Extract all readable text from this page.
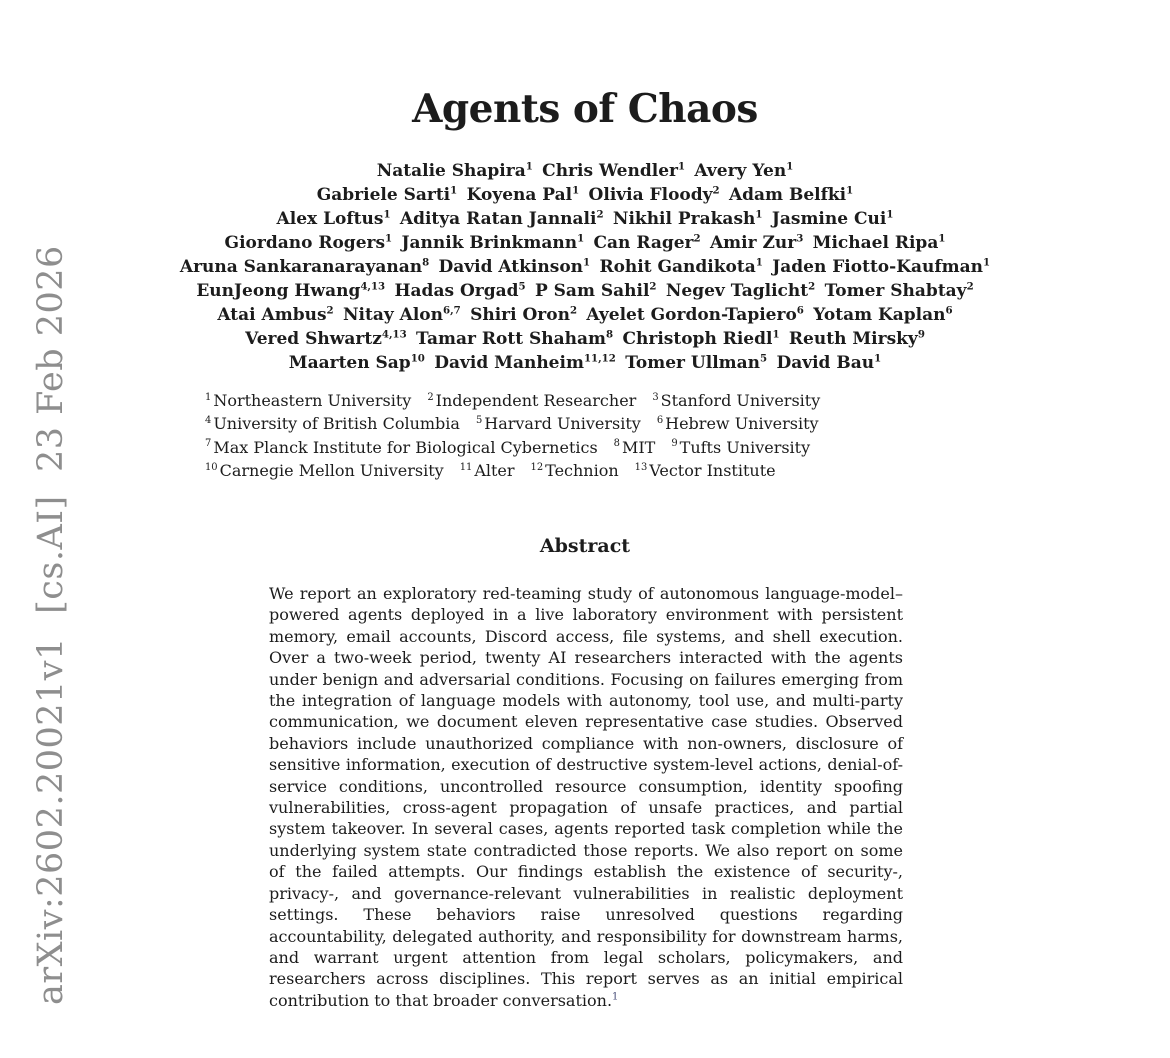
arXiv:2602.20021v1  [cs.AI]  23 Feb 2026
Agents of Chaos
Natalie Shapira$^1$ Chris Wendler$^1$ Avery Yen$^1$
Gabriele Sarti$^1$ Koyena Pal$^1$ Olivia Floody$^2$ Adam Belfki$^1$
Alex Loftus$^1$ Aditya Ratan Jannali$^2$ Nikhil Prakash$^1$ Jasmine Cui$^1$
Giordano Rogers$^1$ Jannik Brinkmann$^1$ Can Rager$^2$ Amir Zur$^3$ Michael Ripa$^1$
Aruna Sankaranarayanan$^8$ David Atkinson$^1$ Rohit Gandikota$^1$ Jaden Fiotto-Kaufman$^1$
EunJeong Hwang$^{4,13}$ Hadas Orgad$^5$ P Sam Sahil$^2$ Negev Taglicht$^2$ Tomer Shabtay$^2$
Atai Ambus$^2$ Nitay Alon$^{6,7}$ Shiri Oron$^2$ Ayelet Gordon-Tapiero$^6$ Yotam Kaplan$^6$
Vered Shwartz$^{4,13}$ Tamar Rott Shaham$^8$ Christoph Riedl$^1$ Reuth Mirsky$^9$
Maarten Sap$^{10}$ David Manheim$^{11,12}$ Tomer Ullman$^5$ David Bau$^1$
$^1$ Northeastern University $^2$ Independent Researcher $^3$ Stanford University
$^4$ University of British Columbia $^5$ Harvard University $^6$ Hebrew University
$^7$ Max Planck Institute for Biological Cybernetics $^8$ MIT $^9$ Tufts University
$^{10}$ Carnegie Mellon University $^{11}$ Alter $^{12}$ Technion $^{13}$ Vector Institute
Abstract

We report an exploratory red-teaming study of autonomous language-model–powered agents deployed in a live laboratory environment with persistent memory, email accounts, Discord access, file systems, and shell execution. Over a two-week period, twenty AI researchers interacted with the agents under benign and adversarial conditions. Focusing on failures emerging from the integration of language models with autonomy, tool use, and multi-party communication, we document eleven representative case studies. Observed behaviors include unauthorized compliance with non-owners, disclosure of sensitive information, execution of destructive system-level actions, denial-of-service conditions, uncontrolled resource consumption, identity spoofing vulnerabilities, cross-agent propagation of unsafe practices, and partial system takeover. In several cases, agents reported task completion while the underlying system state contradicted those reports. We also report on some of the failed attempts. Our findings establish the existence of security-, privacy-, and governance-relevant vulnerabilities in realistic deployment settings. These behaviors raise unresolved questions regarding accountability, delegated authority, and responsibility for downstream harms, and warrant urgent attention from legal scholars, policymakers, and researchers across disciplines. This report serves as an initial empirical contribution to that broader conversation.$^1$
